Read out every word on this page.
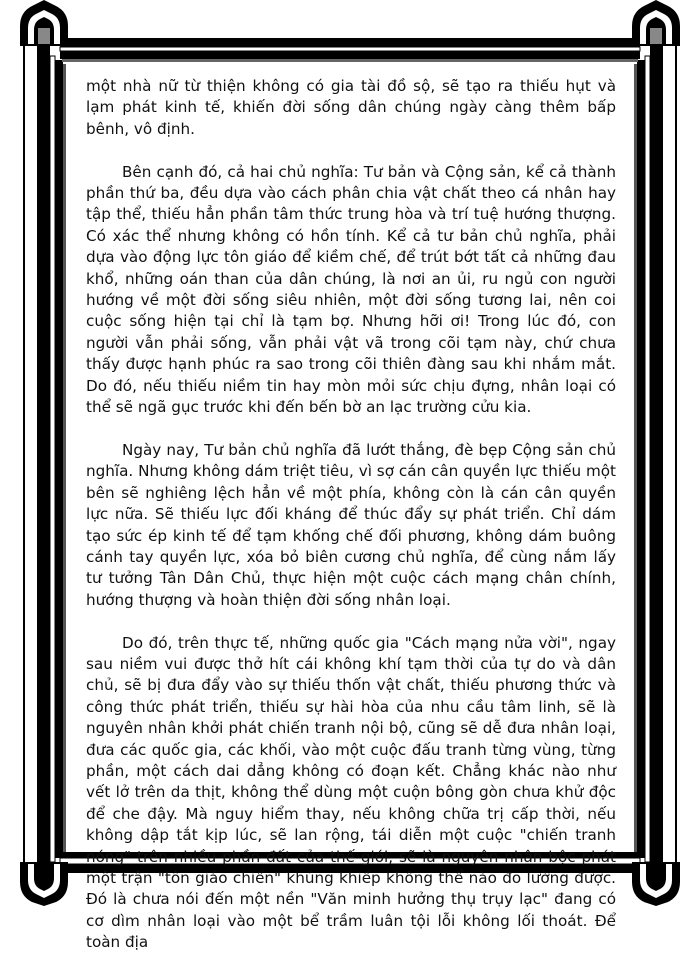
một nhà nữ từ thiện không có gia tài đồ sộ, sẽ tạo ra thiếu hụt và lạm phát kinh tế, khiến đời sống dân chúng ngày càng thêm bấp bênh, vô định.

Bên cạnh đó, cả hai chủ nghĩa: Tư bản và Cộng sản, kể cả thành phần thứ ba, đều dựa vào cách phân chia vật chất theo cá nhân hay tập thể, thiếu hẳn phần tâm thức trung hòa và trí tuệ hướng thượng. Có xác thể nhưng không có hồn tính. Kể cả tư bản chủ nghĩa, phải dựa vào động lực tôn giáo để kiềm chế, để trút bớt tất cả những đau khổ, những oán than của dân chúng, là nơi an ủi, ru ngủ con người hướng về một đời sống siêu nhiên, một đời sống tương lai, nên coi cuộc sống hiện tại chỉ là tạm bợ. Nhưng hỡi ơi! Trong lúc đó, con người vẫn phải sống, vẫn phải vật vã trong cõi tạm này, chứ chưa thấy được hạnh phúc ra sao trong cõi thiên đàng sau khi nhắm mắt. Do đó, nếu thiếu niềm tin hay mòn mỏi sức chịu đựng, nhân loại có thể sẽ ngã gục trước khi đến bến bờ an lạc trường cửu kia.

Ngày nay, Tư bản chủ nghĩa đã lướt thắng, đè bẹp Cộng sản chủ nghĩa. Nhưng không dám triệt tiêu, vì sợ cán cân quyền lực thiếu một bên sẽ nghiêng lệch hẳn về một phía, không còn là cán cân quyền lực nữa. Sẽ thiếu lực đối kháng để thúc đẩy sự phát triển. Chỉ dám tạo sức ép kinh tế để tạm khống chế đối phương, không dám buông cánh tay quyền lực, xóa bỏ biên cương chủ nghĩa, để cùng nắm lấy tư tưởng Tân Dân Chủ, thực hiện một cuộc cách mạng chân chính, hướng thượng và hoàn thiện đời sống nhân loại.

Do đó, trên thực tế, những quốc gia "Cách mạng nửa vời", ngay sau niềm vui được thở hít cái không khí tạm thời của tự do và dân chủ, sẽ bị đưa đẩy vào sự thiếu thốn vật chất, thiếu phương thức và công thức phát triển, thiếu sự hài hòa của nhu cầu tâm linh, sẽ là nguyên nhân khởi phát chiến tranh nội bộ, cũng sẽ dễ đưa nhân loại, đưa các quốc gia, các khối, vào một cuộc đấu tranh từng vùng, từng phần, một cách dai dẳng không có đoạn kết. Chẳng khác nào như vết lở trên da thịt, không thể dùng một cuộn bông gòn chưa khử độc để che đậy. Mà nguy hiểm thay, nếu không chữa trị cấp thời, nếu không dập tắt kịp lúc, sẽ lan rộng, tái diễn một cuộc "chiến tranh nóng" trên nhiều phần đất của thế giới, sẽ là nguyên nhân bộc phát một trận "tôn giáo chiến" khủng khiếp không thể nào đo lường được. Đó là chưa nói đến một nền "Văn minh hưởng thụ trụy lạc" đang có cơ dìm nhân loại vào một bể trầm luân tội lỗi không lối thoát. Để toàn địa
